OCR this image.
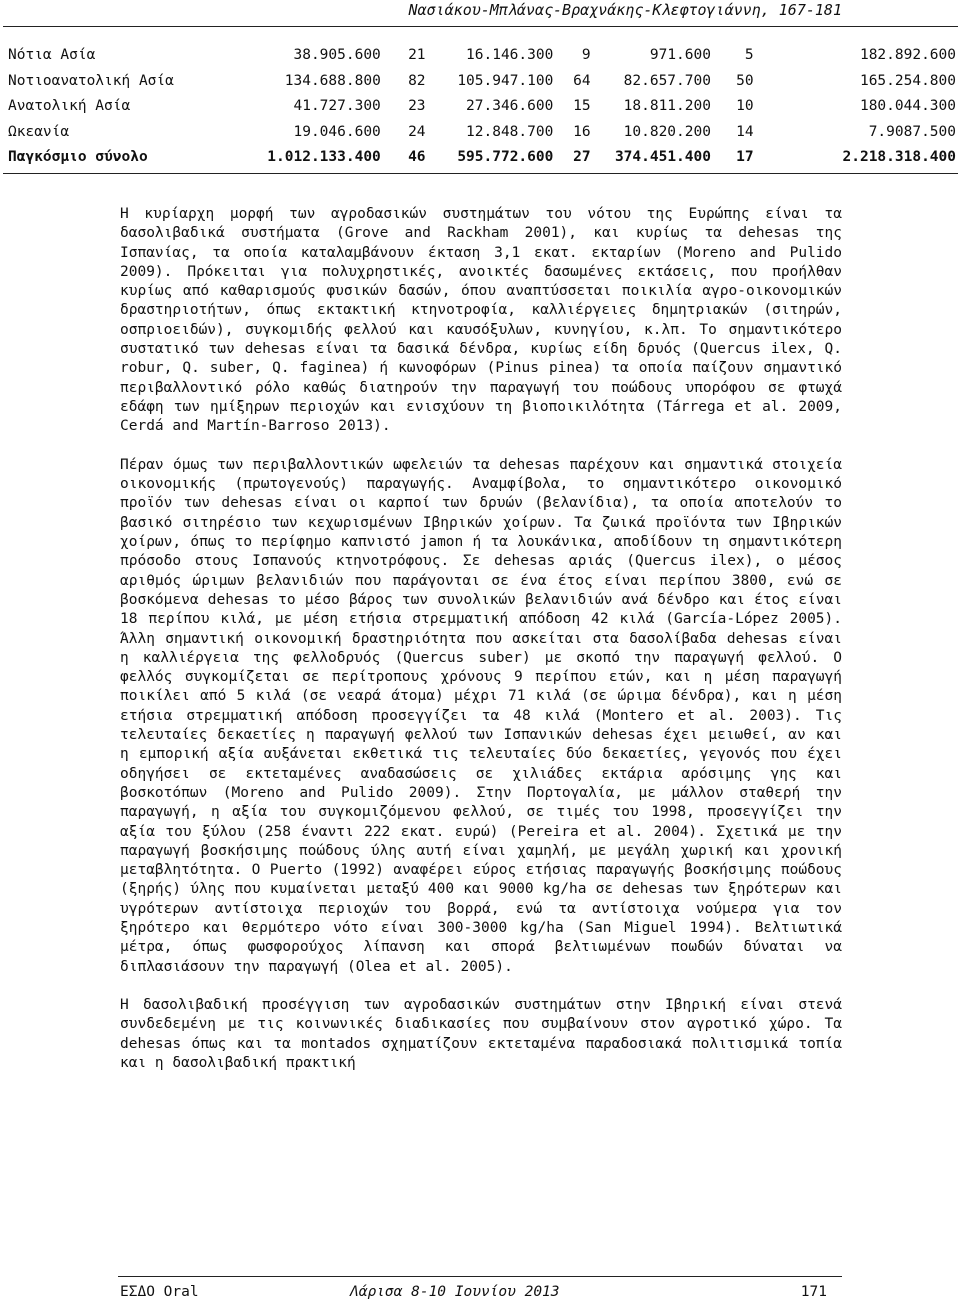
Νασιάκου-Μπλάνας-Βραχνάκης-Κλεφτογιάννη, 167-181
Νότια Ασία	38.905.600	21	16.146.300	9	971.600	5	182.892.600
Νοτιοανατολική Ασία	134.688.800	82	105.947.100	64	82.657.700	50	165.254.800
Ανατολική Ασία	41.727.300	23	27.346.600	15	18.811.200	10	180.044.300
Ωκεανία	19.046.600	24	12.848.700	16	10.820.200	14	7.9087.500
Παγκόσμιο σύνολο	1.012.133.400	46	595.772.600	27	374.451.400	17	2.218.318.400

Η κυρίαρχη μορφή των αγροδασικών συστημάτων του νότου της Ευρώπης είναι τα δασολιβαδικά συστήματα (Grove and Rackham 2001), και κυρίως τα dehesas της Ισπανίας, τα οποία καταλαμβάνουν έκταση 3,1 εκατ. εκταρίων (Moreno and Pulido 2009). Πρόκειται για πολυχρηστικές, ανοικτές δασωμένες εκτάσεις, που προήλθαν κυρίως από καθαρισμούς φυσικών δασών, όπου αναπτύσσεται ποικιλία αγρο-οικονομικών δραστηριοτήτων, όπως εκτακτική κτηνοτροφία, καλλιέργειες δημητριακών (σιτηρών, οσπριοειδών), συγκομιδής φελλού και καυσόξυλων, κυνηγίου, κ.λπ. Το σημαντικότερο συστατικό των dehesas είναι τα δασικά δένδρα, κυρίως είδη δρυός (Quercus ilex, Q. robur, Q. suber, Q. faginea) ή κωνοφόρων (Pinus pinea) τα οποία παίζουν σημαντικό περιβαλλοντικό ρόλο καθώς διατηρούν την παραγωγή του ποώδους υπορόφου σε φτωχά εδάφη των ημίξηρων περιοχών και ενισχύουν τη βιοποικιλότητα (Tárrega et al. 2009, Cerdá and Martín-Barroso 2013).

Πέραν όμως των περιβαλλοντικών ωφελειών τα dehesas παρέχουν και σημαντικά στοιχεία οικονομικής (πρωτογενούς) παραγωγής. Αναμφίβολα, το σημαντικότερο οικονομικό προϊόν των dehesas είναι οι καρποί των δρυών (βελανίδια), τα οποία αποτελούν το βασικό σιτηρέσιο των κεχωρισμένων Ιβηρικών χοίρων. Τα ζωικά προϊόντα των Ιβηρικών χοίρων, όπως το περίφημο καπνιστό jamon ή τα λουκάνικα, αποδίδουν τη σημαντικότερη πρόσοδο στους Ισπανούς κτηνοτρόφους. Σε dehesas αριάς (Quercus ilex), ο μέσος αριθμός ώριμων βελανιδιών που παράγονται σε ένα έτος είναι περίπου 3800, ενώ σε βοσκόμενα dehesas το μέσο βάρος των συνολικών βελανιδιών ανά δένδρο και έτος είναι 18 περίπου κιλά, με μέση ετήσια στρεμματική απόδοση 42 κιλά (García-López 2005). Άλλη σημαντική οικονομική δραστηριότητα που ασκείται στα δασολίβαδα dehesas είναι η καλλιέργεια της φελλοδρυός (Quercus suber) με σκοπό την παραγωγή φελλού. Ο φελλός συγκομίζεται σε περίτροπους χρόνους 9 περίπου ετών, και η μέση παραγωγή ποικίλει από 5 κιλά (σε νεαρά άτομα) μέχρι 71 κιλά (σε ώριμα δένδρα), και η μέση ετήσια στρεμματική απόδοση προσεγγίζει τα 48 κιλά (Montero et al. 2003). Τις τελευταίες δεκαετίες η παραγωγή φελλού των Ισπανικών dehesas έχει μειωθεί, αν και η εμπορική αξία αυξάνεται εκθετικά τις τελευταίες δύο δεκαετίες, γεγονός που έχει οδηγήσει σε εκτεταμένες αναδασώσεις σε χιλιάδες εκτάρια αρόσιμης γης και βοσκοτόπων (Moreno and Pulido 2009). Στην Πορτογαλία, με μάλλον σταθερή την παραγωγή, η αξία του συγκομιζόμενου φελλού, σε τιμές του 1998, προσεγγίζει την αξία του ξύλου (258 έναντι 222 εκατ. ευρώ) (Pereira et al. 2004). Σχετικά με την παραγωγή βοσκήσιμης ποώδους ύλης αυτή είναι χαμηλή, με μεγάλη χωρική και χρονική μεταβλητότητα. Ο Puerto (1992) αναφέρει εύρος ετήσιας παραγωγής βοσκήσιμης ποώδους (ξηρής) ύλης που κυμαίνεται μεταξύ 400 και 9000 kg/ha σε dehesas των ξηρότερων και υγρότερων αντίστοιχα περιοχών του βορρά, ενώ τα αντίστοιχα νούμερα για τον ξηρότερο και θερμότερο νότο είναι 300-3000 kg/ha (San Miguel 1994). Βελτιωτικά μέτρα, όπως φωσφορούχος λίπανση και σπορά βελτιωμένων ποωδών δύναται να διπλασιάσουν την παραγωγή (Olea et al. 2005).

Η δασολιβαδική προσέγγιση των αγροδασικών συστημάτων στην Ιβηρική είναι στενά συνδεδεμένη με τις κοινωνικές διαδικασίες που συμβαίνουν στον αγροτικό χώρο. Τα dehesas όπως και τα montados σχηματίζουν εκτεταμένα παραδοσιακά πολιτισμικά τοπία και η δασολιβαδική πρακτική

ΕΣΔΟ Oral	Λάρισα 8-10 Ιουνίου 2013	171
